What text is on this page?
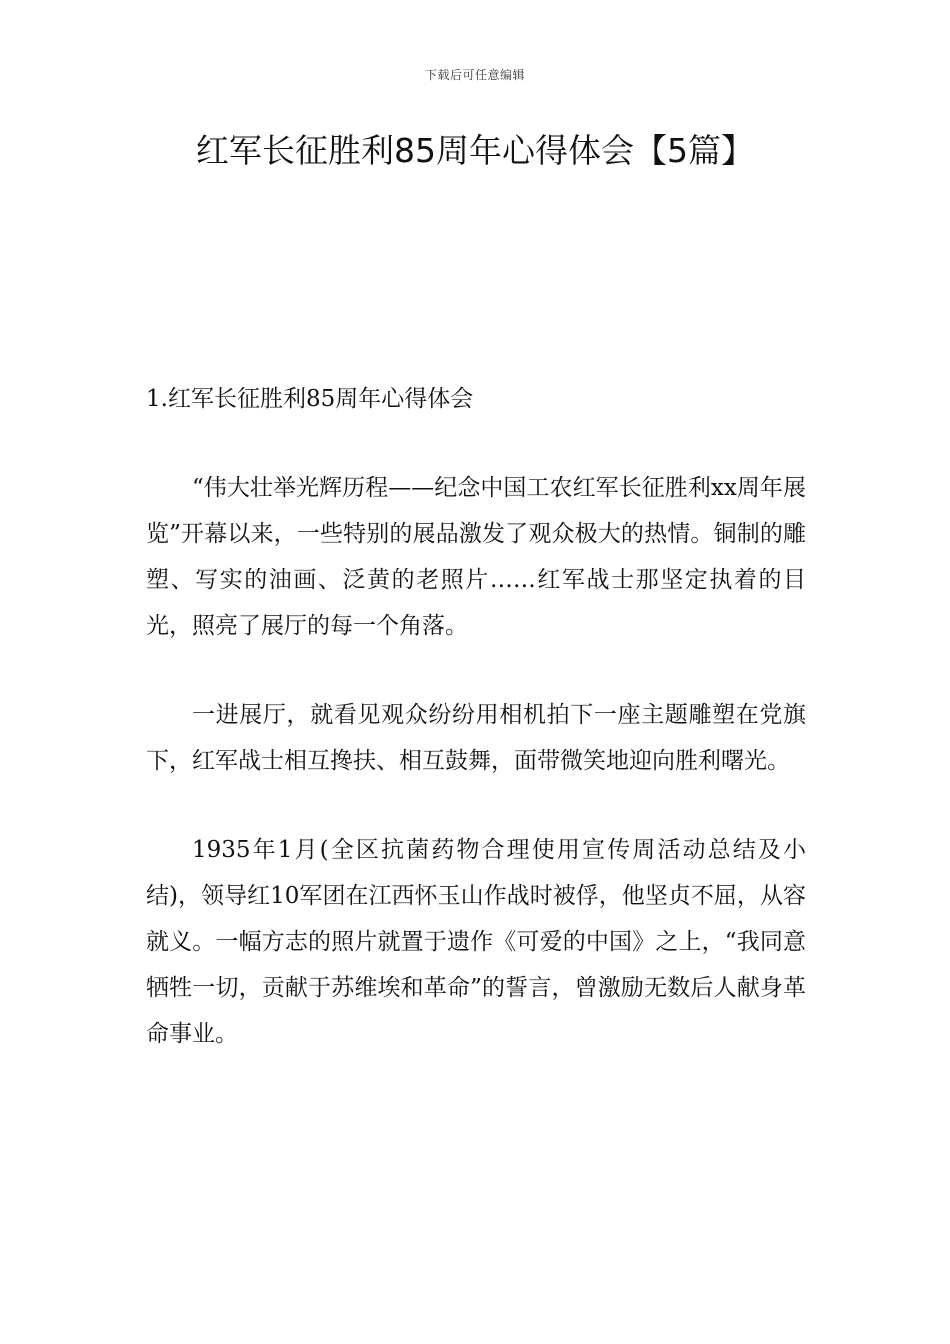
下载后可任意编辑
红军长征胜利85周年心得体会【5篇】
1.红军长征胜利85周年心得体会

“伟大壮举光辉历程——纪念中国工农红军长征胜利xx周年展览”开幕以来，一些特别的展品激发了观众极大的热情。铜制的雕塑、写实的油画、泛黄的老照片……红军战士那坚定执着的目光，照亮了展厅的每一个角落。

一进展厅，就看见观众纷纷用相机拍下一座主题雕塑在党旗下，红军战士相互搀扶、相互鼓舞，面带微笑地迎向胜利曙光。

1935年1月(全区抗菌药物合理使用宣传周活动总结及小结)，领导红10军团在江西怀玉山作战时被俘，他坚贞不屈，从容就义。一幅方志的照片就置于遗作《可爱的中国》之上，“我同意牺牲一切，贡献于苏维埃和革命”的誓言，曾激励无数后人献身革命事业。
